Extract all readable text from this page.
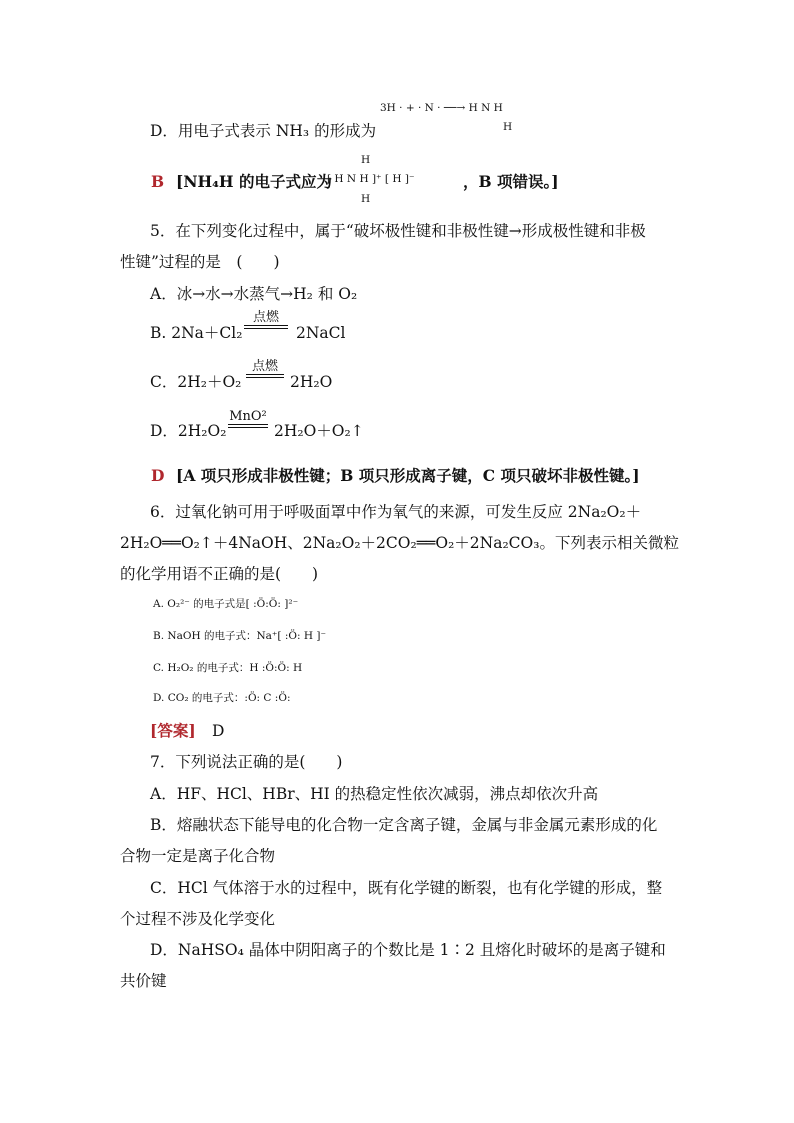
3H · + · N · ──→ H N H
H
D．用电子式表示 NH₃ 的形成为
B [NH₄H 的电子式应为
H
[ H N H ]⁺ [ H ]⁻
H
，B 项错误。]
5．在下列变化过程中，属于“破坏极性键和非极性键→形成极性键和非极
性键”过程的是　(　　)
A．冰→水→水蒸气→H₂ 和 O₂
B. 2Na＋Cl₂
点燃
2NaCl
C．2H₂＋O₂
点燃
2H₂O
D．2H₂O₂
MnO²
2H₂O＋O₂↑
D [A 项只形成非极性键；B 项只形成离子键，C 项只破坏非极性键。]
6．过氧化钠可用于呼吸面罩中作为氧气的来源，可发生反应 2Na₂O₂＋
2H₂O══O₂↑＋4NaOH、2Na₂O₂＋2CO₂══O₂＋2Na₂CO₃。下列表示相关微粒
的化学用语不正确的是(　　)
A. O₂²⁻ 的电子式是[ :Ö:Ö: ]²⁻
B. NaOH 的电子式：Na⁺[ :Ö: H ]⁻
C. H₂O₂ 的电子式：H :Ö:Ö: H
D. CO₂ 的电子式：:Ö: C :Ö:
[答案] D
7．下列说法正确的是(　　)
A．HF、HCl、HBr、HI 的热稳定性依次减弱，沸点却依次升高
B．熔融状态下能导电的化合物一定含离子键，金属与非金属元素形成的化
合物一定是离子化合物
C．HCl 气体溶于水的过程中，既有化学键的断裂，也有化学键的形成，整
个过程不涉及化学变化
D．NaHSO₄ 晶体中阴阳离子的个数比是 1∶2 且熔化时破坏的是离子键和
共价键
